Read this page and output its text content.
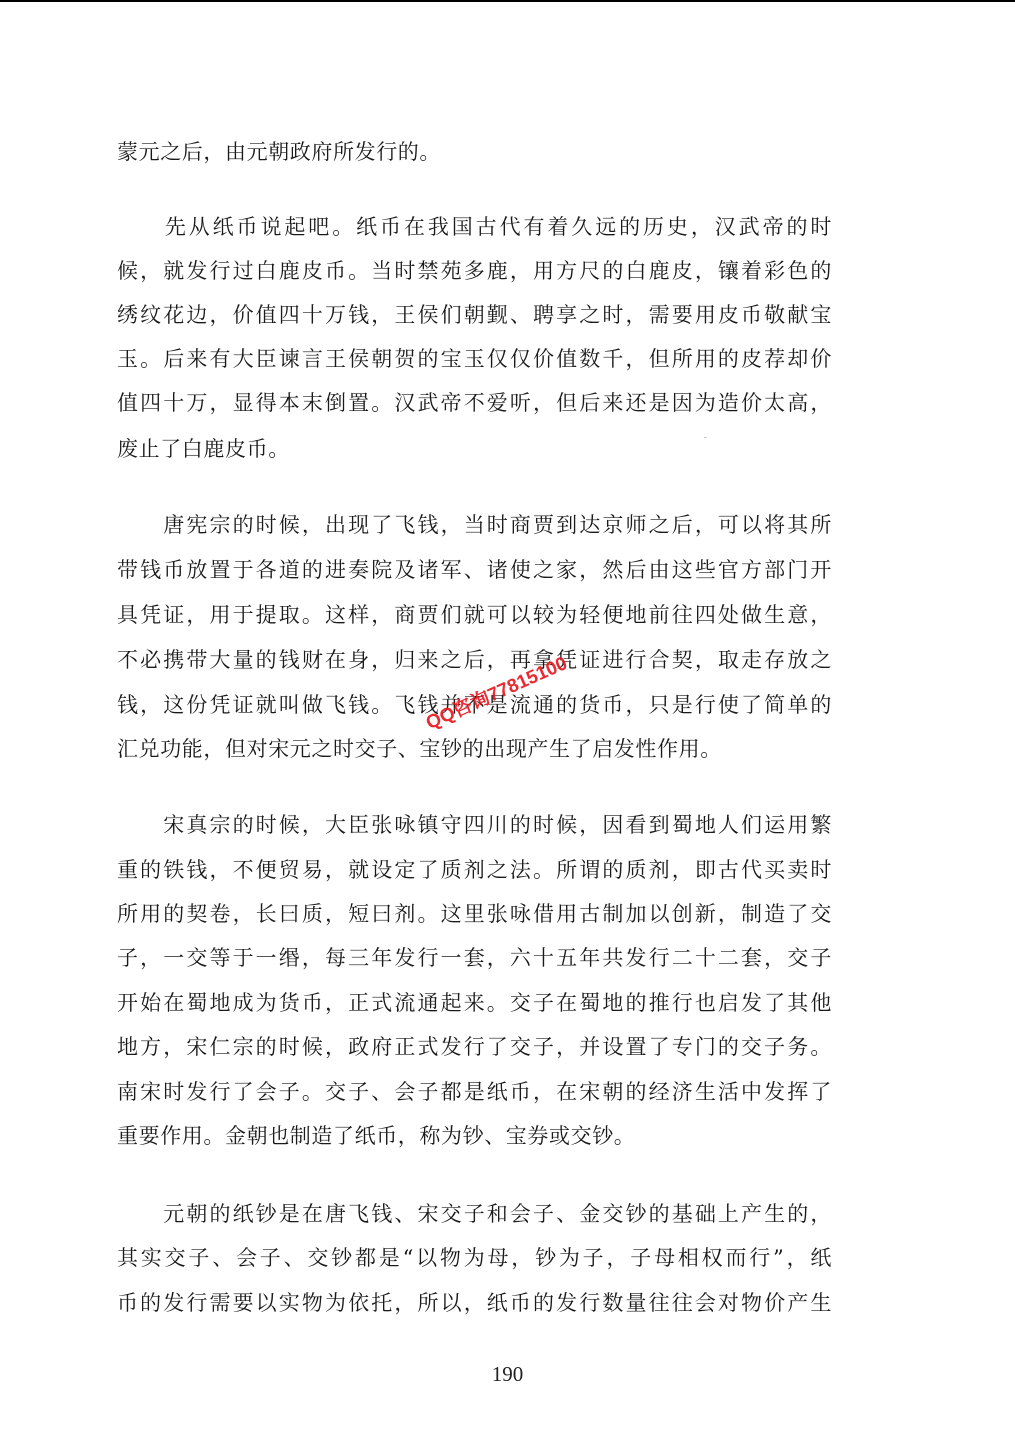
蒙元之后，由元朝政府所发行的。
　　先从纸币说起吧。纸币在我国古代有着久远的历史，汉武帝的时
候，就发行过白鹿皮币。当时禁苑多鹿，用方尺的白鹿皮，镶着彩色的
绣纹花边，价值四十万钱，王侯们朝觐、聘享之时，需要用皮币敬献宝
玉。后来有大臣谏言王侯朝贺的宝玉仅仅价值数千，但所用的皮荐却价
值四十万，显得本末倒置。汉武帝不爱听，但后来还是因为造价太高，
废止了白鹿皮币。
　　唐宪宗的时候，出现了飞钱，当时商贾到达京师之后，可以将其所
带钱币放置于各道的进奏院及诸军、诸使之家，然后由这些官方部门开
具凭证，用于提取。这样，商贾们就可以较为轻便地前往四处做生意，
不必携带大量的钱财在身，归来之后，再拿凭证进行合契，取走存放之
钱，这份凭证就叫做飞钱。飞钱并不是流通的货币，只是行使了简单的
汇兑功能，但对宋元之时交子、宝钞的出现产生了启发性作用。
　　宋真宗的时候，大臣张咏镇守四川的时候，因看到蜀地人们运用繁
重的铁钱，不便贸易，就设定了质剂之法。所谓的质剂，即古代买卖时
所用的契卷，长曰质，短曰剂。这里张咏借用古制加以创新，制造了交
子，一交等于一缗，每三年发行一套，六十五年共发行二十二套，交子
开始在蜀地成为货币，正式流通起来。交子在蜀地的推行也启发了其他
地方，宋仁宗的时候，政府正式发行了交子，并设置了专门的交子务。
南宋时发行了会子。交子、会子都是纸币，在宋朝的经济生活中发挥了
重要作用。金朝也制造了纸币，称为钞、宝券或交钞。
　　元朝的纸钞是在唐飞钱、宋交子和会子、金交钞的基础上产生的，
其实交子、会子、交钞都是“以物为母，钞为子，子母相权而行”，纸
币的发行需要以实物为依托，所以，纸币的发行数量往往会对物价产生
QQ咨询77815100
190
